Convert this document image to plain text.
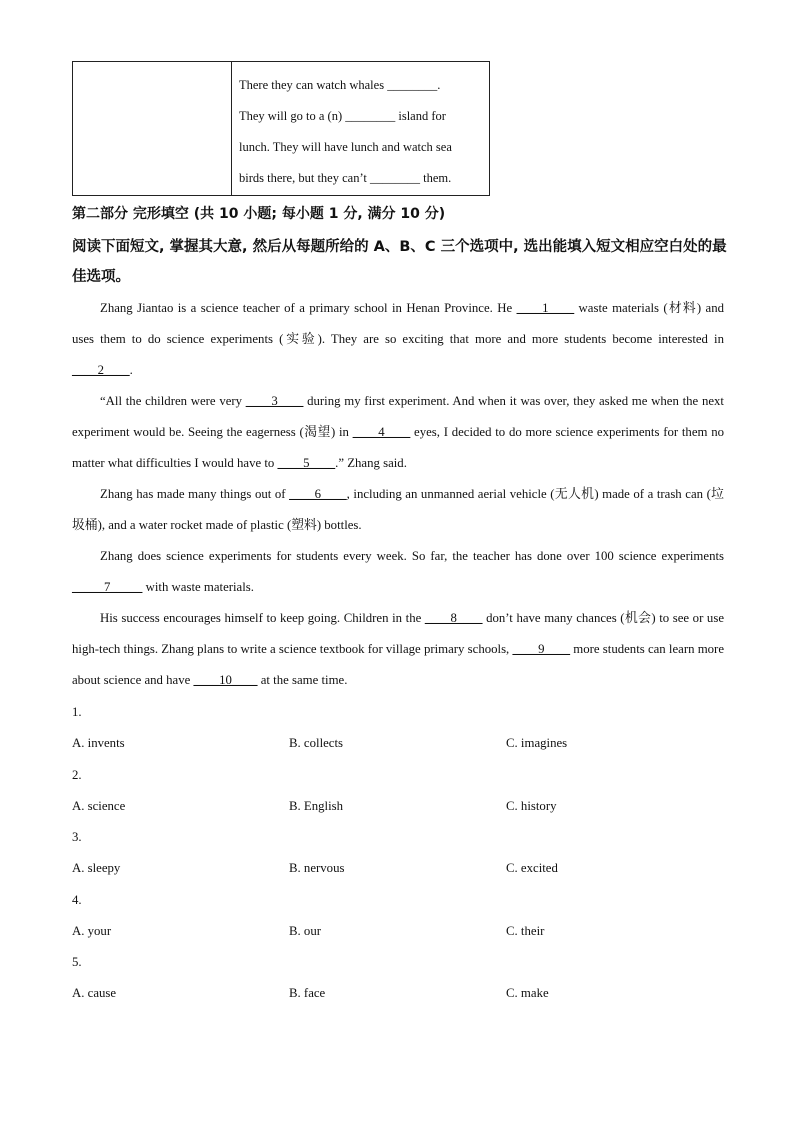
There they can watch whales ________.

They will go to a (n) ________ island for

lunch. They will have lunch and watch sea

birds there, but they can’t ________ them.

第二部分 完形填空 (共 10 小题; 每小题 1 分, 满分 10 分)
阅读下面短文, 掌握其大意, 然后从每题所给的 A、B、C 三个选项中, 选出能填入短文相应空白处的最佳选项。

Zhang Jiantao is a science teacher of a primary school in Henan Province. He ____1____ waste materials (材料) and uses them to do science experiments (实验). They are so exciting that more and more students become interested in ____2____.

“All the children were very ____3____ during my first experiment. And when it was over, they asked me when the next experiment would be. Seeing the eagerness (渴望) in ____4____ eyes, I decided to do more science experiments for them no matter what difficulties I would have to ____5____.” Zhang said.

Zhang has made many things out of ____6____, including an unmanned aerial vehicle (无人机) made of a trash can (垃圾桶), and a water rocket made of plastic (塑料) bottles.

Zhang does science experiments for students every week. So far, the teacher has done over 100 science experiments _____7_____ with waste materials.

His success encourages himself to keep going. Children in the ____8____ don’t have many chances (机会) to see or use high-tech things. Zhang plans to write a science textbook for village primary schools, ____9____ more students can learn more about science and have ____10____ at the same time.

1.
A. invents	B. collects	C. imagines
2.
A. science	B. English	C. history
3.
A. sleepy	B. nervous	C. excited
4.
A. your	B. our	C. their
5.
A. cause	B. face	C. make
